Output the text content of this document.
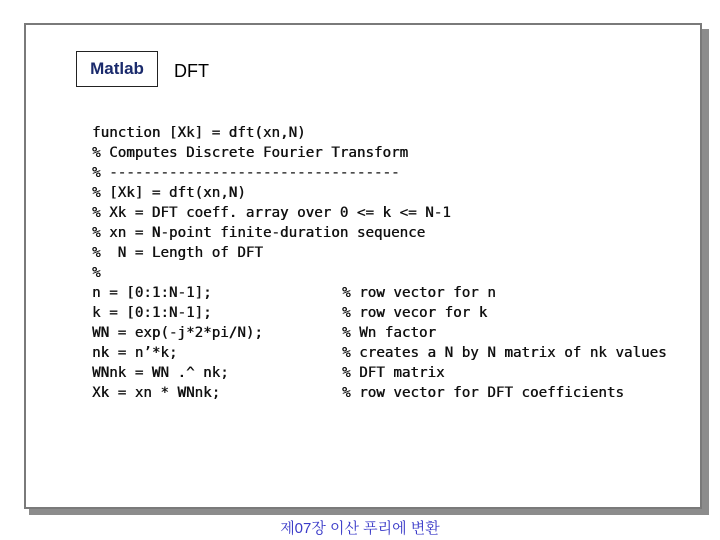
Matlab DFT
function [Xk] = dft(xn,N)
% Computes Discrete Fourier Transform
% ----------------------------------
% [Xk] = dft(xn,N)
% Xk = DFT coeff. array over 0 <= k <= N-1
% xn = N-point finite-duration sequence
%  N = Length of DFT
%
n = [0:1:N-1];	% row vector for n
k = [0:1:N-1];	% row vecor for k
WN = exp(-j*2*pi/N);	% Wn factor
nk = n’*k;	% creates a N by N matrix of nk values
WNnk = WN .^ nk;	% DFT matrix
Xk = xn * WNnk;	% row vector for DFT coefficients
제07장 이산 푸리에 변환
